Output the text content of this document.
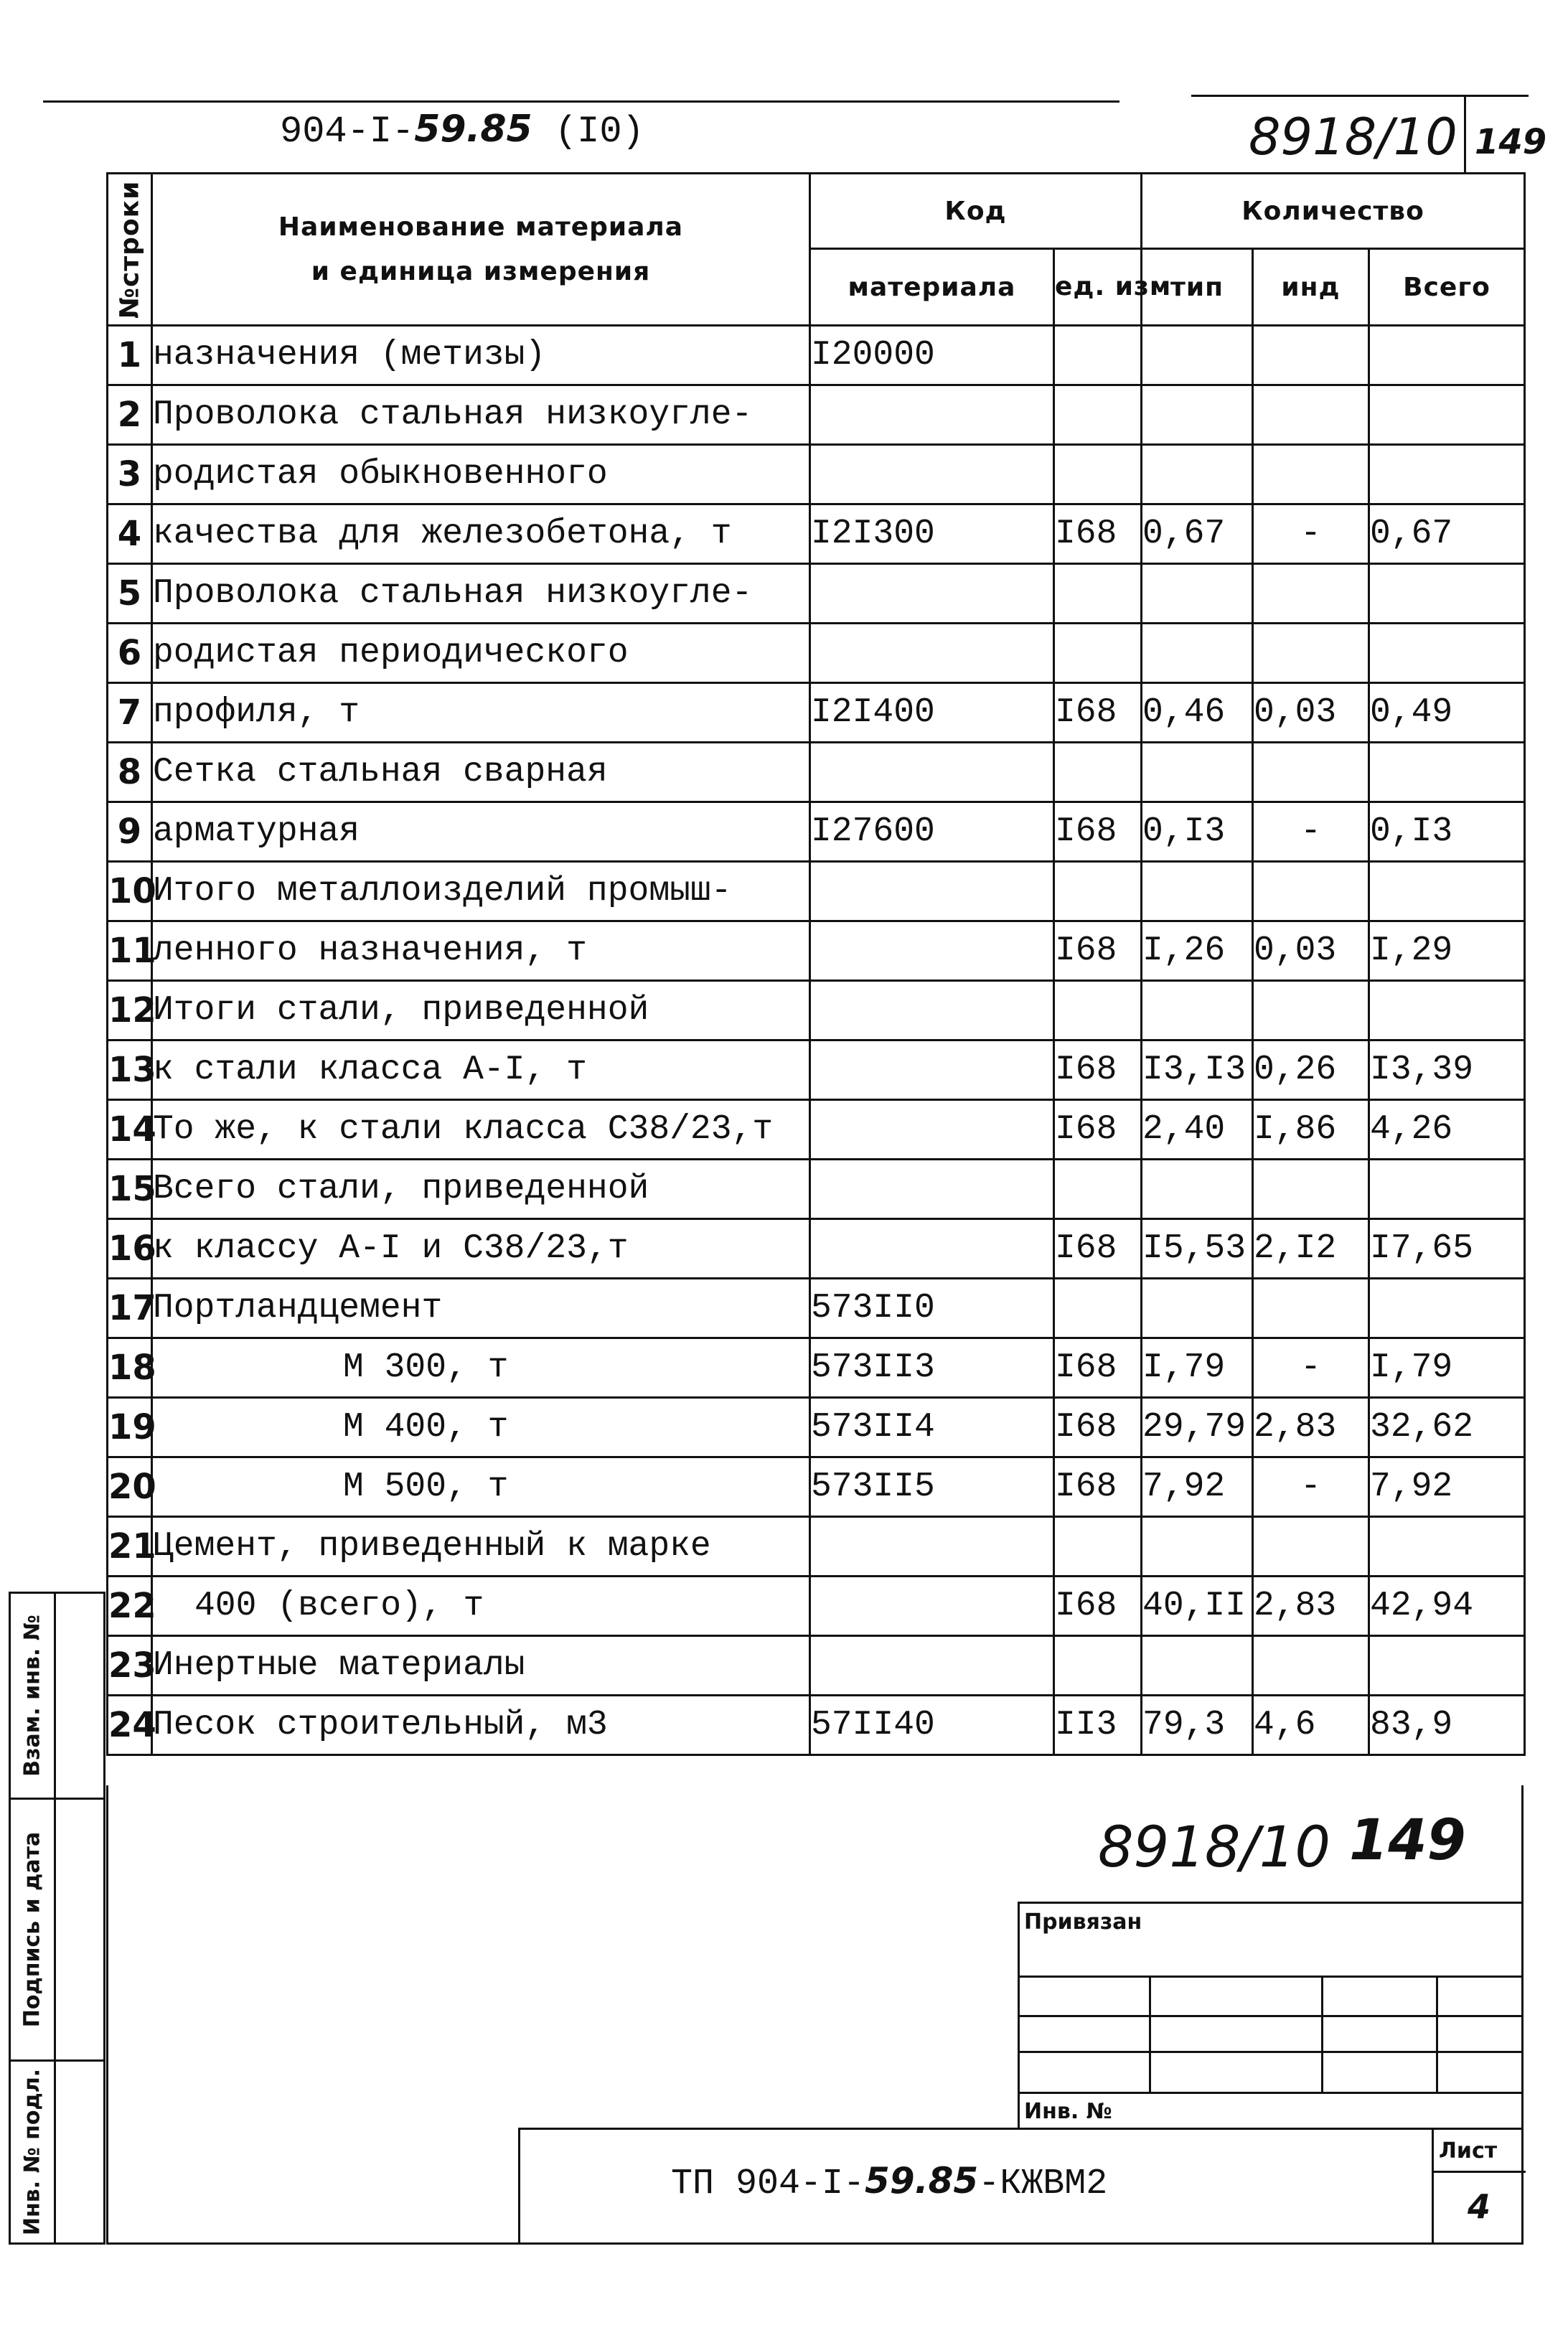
904-I-59.85 (I0)	8918/10 149
№строки	Наименование материала
и единица измерения	Код		Количество		
		материала	ед. изм	тип	инд	Всего
1	назначения (метизы)	I20000				
2	Проволока стальная низкоугле-					
3	родистая обыкновенного					
4	качества для железобетона, т	I2I300	I68	0,67	-	0,67
5	Проволока стальная низкоугле-					
6	родистая периодического					
7	профиля, т	I2I400	I68	0,46	0,03	0,49
8	Сетка стальная сварная					
9	арматурная	I27600	I68	0,I3	-	0,I3
10	Итого металлоизделий промыш-					
11	ленного назначения, т		I68	I,26	0,03	I,29
12	Итоги стали, приведенной					
13	к стали класса А-I, т		I68	I3,I3	0,26	I3,39
14	То же, к стали класса С38/23,т		I68	2,40	I,86	4,26
15	Всего стали, приведенной					
16	к классу А-I и С38/23,т		I68	I5,53	2,I2	I7,65
17	Портландцемент	573II0				
18	М 300, т	573II3	I68	I,79	-	I,79
19	М 400, т	573II4	I68	29,79	2,83	32,62
20	М 500, т	573II5	I68	7,92	-	7,92
21	Цемент, приведенный к марке					
22	400 (всего), т		I68	40,II	2,83	42,94
23	Инертные материалы					
24	Песок строительный, м3	57II40	II3	79,3	4,6	83,9
Взам. инв. №
Подпись и дата
Инв. № подл.
8918/10 149
Привязан
Инв. №
Лист
4
ТП 904-I-59.85-КЖВМ2
